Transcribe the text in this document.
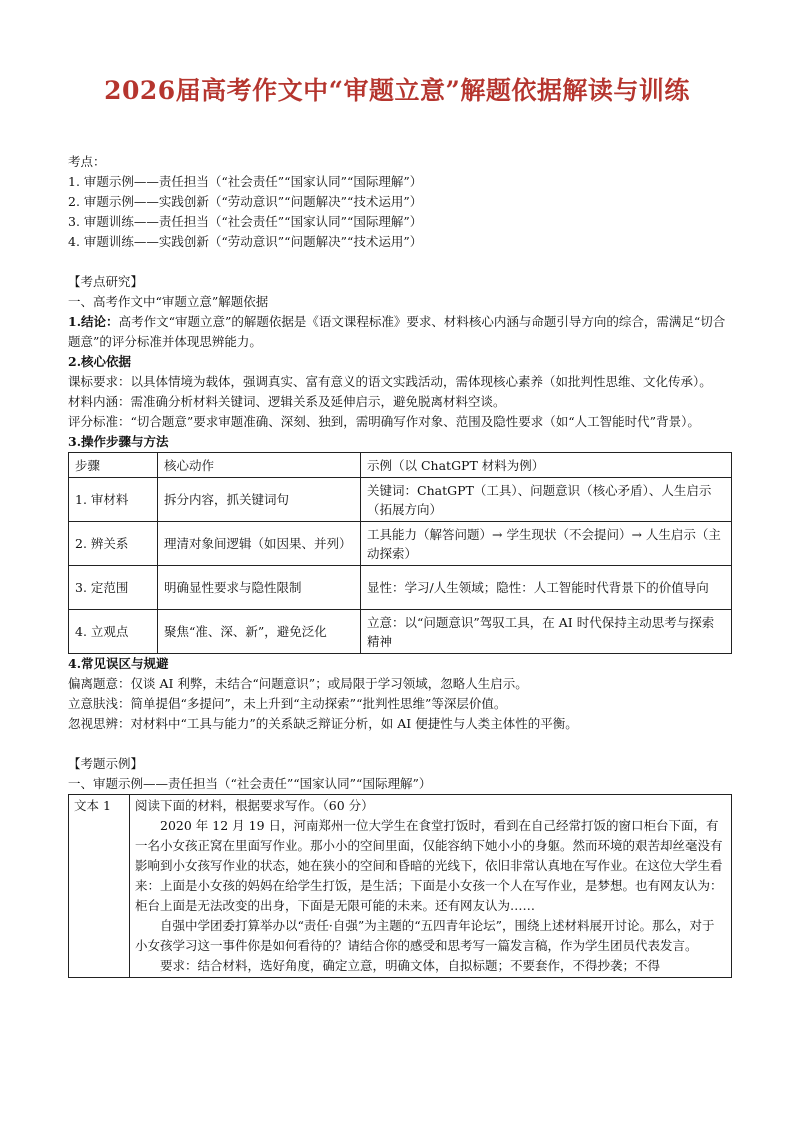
2026届高考作文中“审题立意”解题依据解读与训练

考点：

1. 审题示例——责任担当（“社会责任”“国家认同”“国际理解”）

2. 审题示例——实践创新（“劳动意识”“问题解决”“技术运用”）

3. 审题训练——责任担当（“社会责任”“国家认同”“国际理解”）

4. 审题训练——实践创新（“劳动意识”“问题解决”“技术运用”）

【考点研究】

一、高考作文中“审题立意”解题依据

1.结论：高考作文“审题立意”的解题依据是《语文课程标准》要求、材料核心内涵与命题引导方向的综合，需满足“切合题意”的评分标准并体现思辨能力。

2.核心依据

课标要求：以具体情境为载体，强调真实、富有意义的语文实践活动，需体现核心素养（如批判性思维、文化传承）。

材料内涵：需准确分析材料关键词、逻辑关系及延伸启示，避免脱离材料空谈。

评分标准：“切合题意”要求审题准确、深刻、独到，需明确写作对象、范围及隐性要求（如“人工智能时代”背景）。

3.操作步骤与方法

步骤	核心动作	示例（以 ChatGPT 材料为例）
1. 审材料	拆分内容，抓关键词句	关键词：ChatGPT（工具）、问题意识（核心矛盾）、人生启示（拓展方向）
2. 辨关系	理清对象间逻辑（如因果、并列）	工具能力（解答问题）→ 学生现状（不会提问）→ 人生启示（主动探索）
3. 定范围	明确显性要求与隐性限制	显性：学习/人生领域；隐性：人工智能时代背景下的价值导向
4. 立观点	聚焦“准、深、新”，避免泛化	立意：以“问题意识”驾驭工具，在 AI 时代保持主动思考与探索精神

4.常见误区与规避

偏离题意：仅谈 AI 利弊，未结合“问题意识”；或局限于学习领域，忽略人生启示。

立意肤浅：简单提倡“多提问”，未上升到“主动探索”“批判性思维”等深层价值。

忽视思辨：对材料中“工具与能力”的关系缺乏辩证分析，如 AI 便捷性与人类主体性的平衡。

【考题示例】

一、审题示例——责任担当（“社会责任”“国家认同”“国际理解”）

文本 1	阅读下面的材料，根据要求写作。（60 分）
2020 年 12 月 19 日，河南郑州一位大学生在食堂打饭时，看到在自己经常打饭的窗口柜台下面，有一名小女孩正窝在里面写作业。那小小的空间里面，仅能容纳下她小小的身躯。然而环境的艰苦却丝毫没有影响到小女孩写作业的状态，她在狭小的空间和昏暗的光线下，依旧非常认真地在写作业。在这位大学生看来：上面是小女孩的妈妈在给学生打饭，是生活；下面是小女孩一个人在写作业，是梦想。也有网友认为：柜台上面是无法改变的出身，下面是无限可能的未来。还有网友认为……
自强中学团委打算举办以“责任·自强”为主题的“五四青年论坛”，围绕上述材料展开讨论。那么，对于小女孩学习这一事件你是如何看待的？请结合你的感受和思考写一篇发言稿，作为学生团员代表发言。
要求：结合材料，选好角度，确定立意，明确文体，自拟标题；不要套作，不得抄袭；不得
